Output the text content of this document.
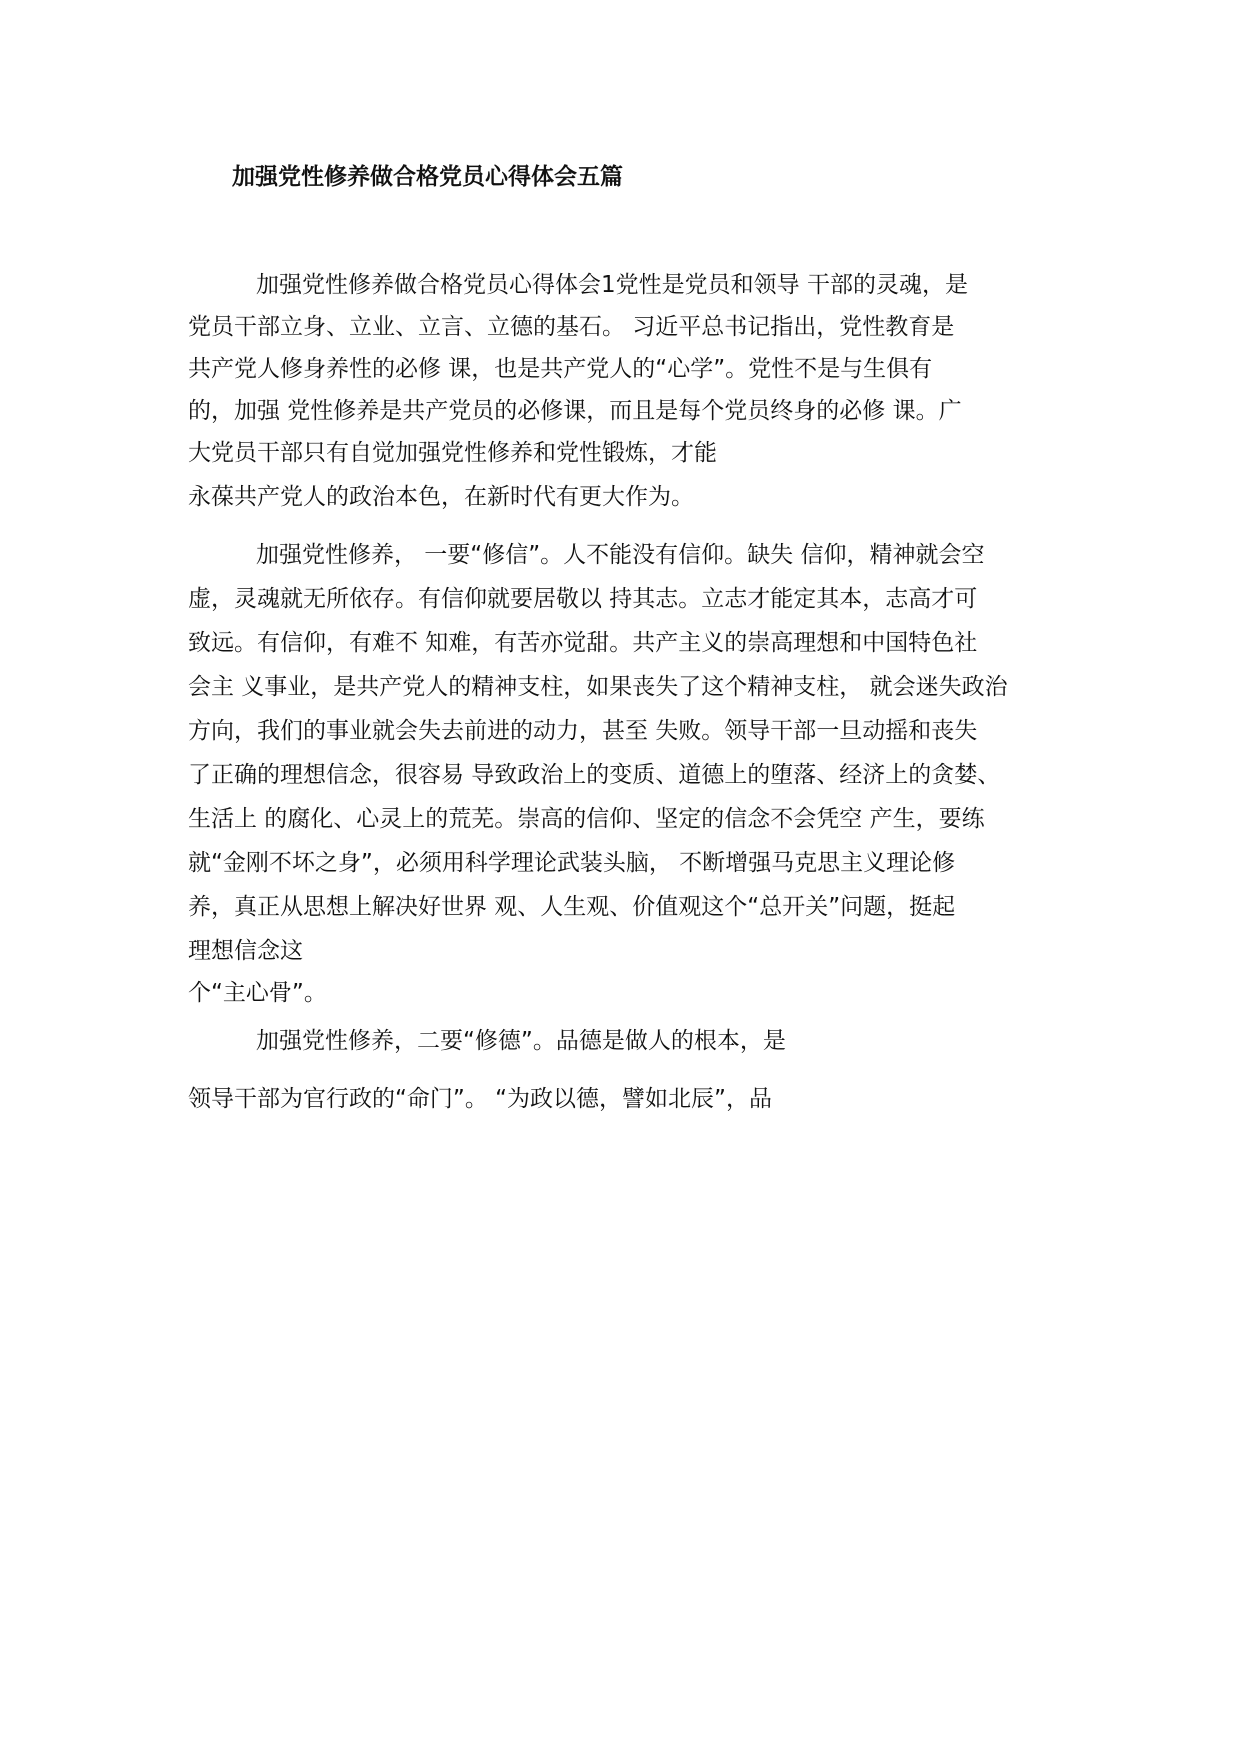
加强党性修养做合格党员心得体会五篇
加强党性修养做合格党员心得体会1党性是党员和领导 干部的灵魂，是
党员干部立身、立业、立言、立德的基石。 习近平总书记指出，党性教育是
共产党人修身养性的必修 课，也是共产党人的“心学”。党性不是与生俱有
的，加强 党性修养是共产党员的必修课，而且是每个党员终身的必修 课。广
大党员干部只有自觉加强党性修养和党性锻炼，才能
永葆共产党人的政治本色，在新时代有更大作为。
加强党性修养， 一要“修信”。人不能没有信仰。缺失 信仰，精神就会空
虚，灵魂就无所依存。有信仰就要居敬以 持其志。立志才能定其本，志高才可
致远。有信仰，有难不 知难，有苦亦觉甜。共产主义的崇高理想和中国特色社
会主 义事业，是共产党人的精神支柱，如果丧失了这个精神支柱， 就会迷失政治
方向，我们的事业就会失去前进的动力，甚至 失败。领导干部一旦动摇和丧失
了正确的理想信念，很容易 导致政治上的变质、道德上的堕落、经济上的贪婪、
生活上 的腐化、心灵上的荒芜。崇高的信仰、坚定的信念不会凭空 产生，要练
就“金刚不坏之身”，必须用科学理论武装头脑， 不断增强马克思主义理论修
养，真正从思想上解决好世界 观、人生观、价值观这个“总开关”问题，挺起
理想信念这
个“主心骨”。
加强党性修养，二要“修德”。品德是做人的根本，是
领导干部为官行政的“命门”。 “为政以德，譬如北辰”，品
